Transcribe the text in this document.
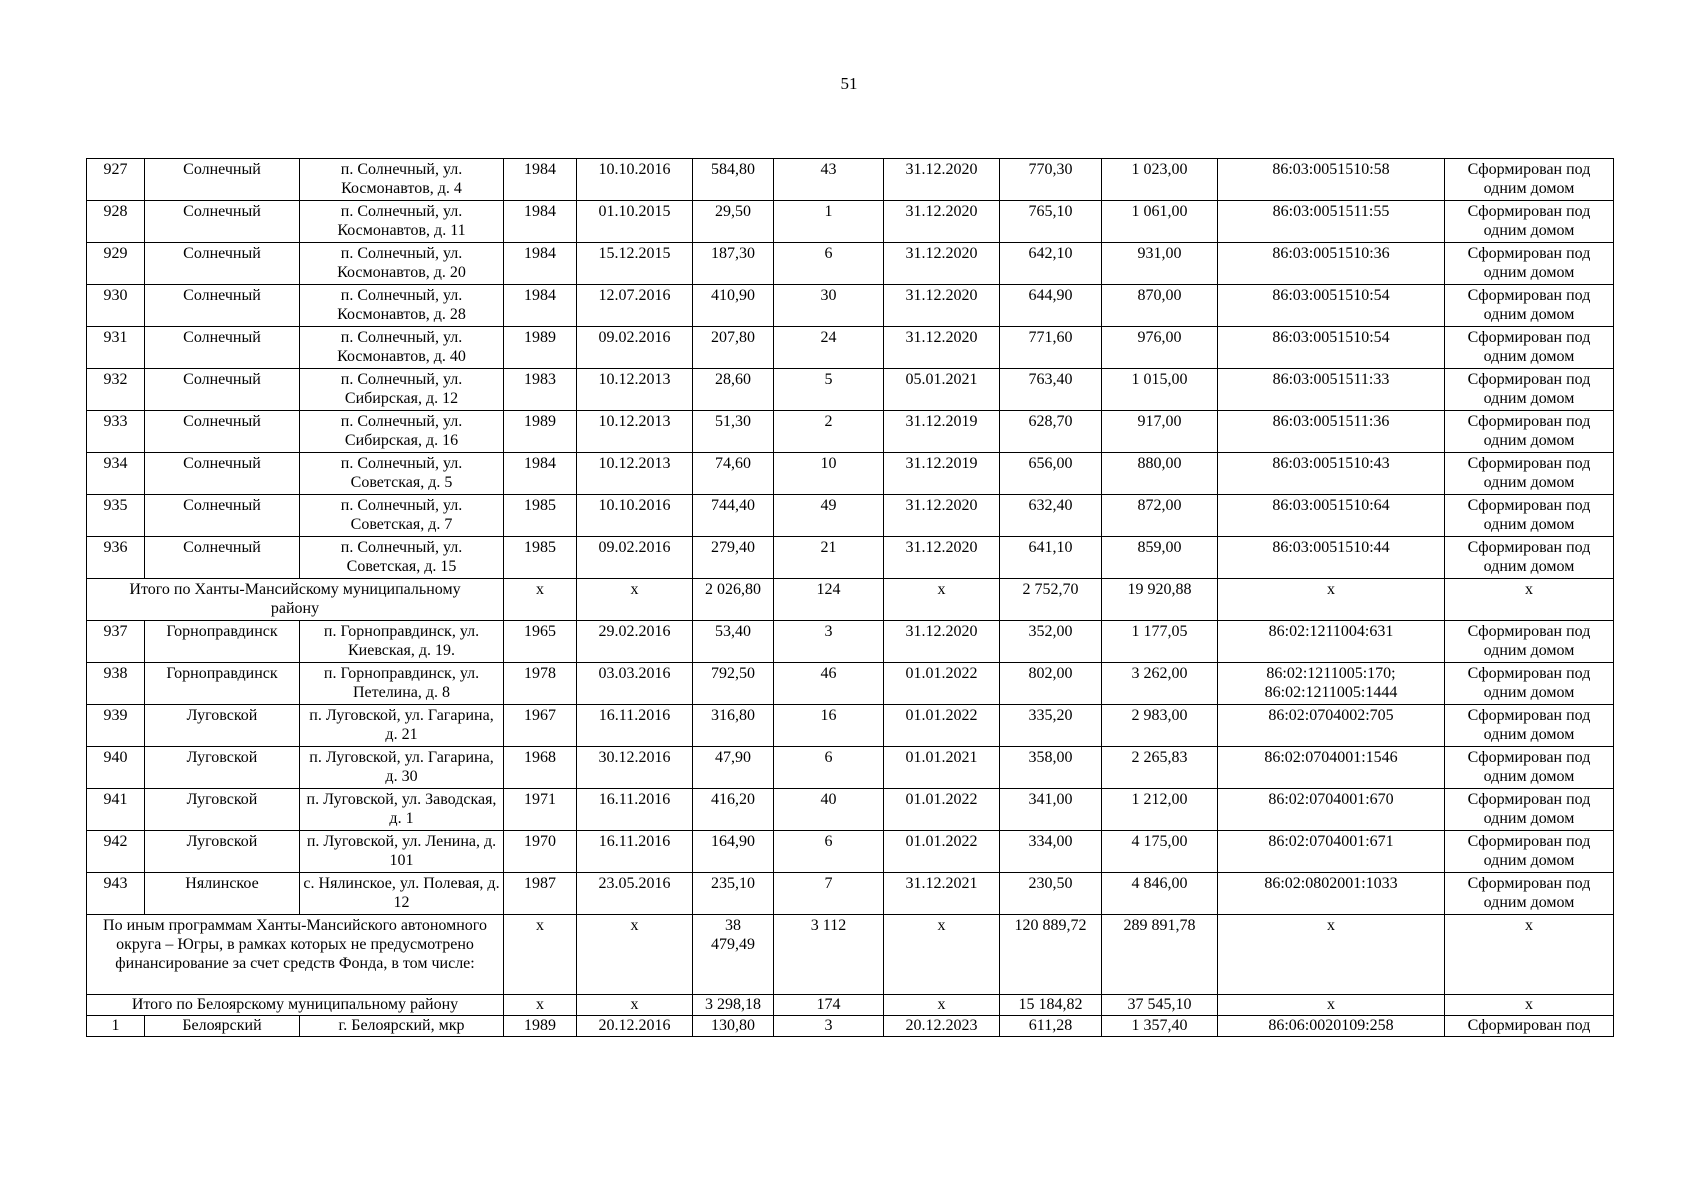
51
927	Солнечный	п. Солнечный, ул. Космонавтов, д. 4	1984	10.10.2016	584,80	43	31.12.2020	770,30	1 023,00	86:03:0051510:58	Сформирован под одним домом
928	Солнечный	п. Солнечный, ул. Космонавтов, д. 11	1984	01.10.2015	29,50	1	31.12.2020	765,10	1 061,00	86:03:0051511:55	Сформирован под одним домом
929	Солнечный	п. Солнечный, ул. Космонавтов, д. 20	1984	15.12.2015	187,30	6	31.12.2020	642,10	931,00	86:03:0051510:36	Сформирован под одним домом
930	Солнечный	п. Солнечный, ул. Космонавтов, д. 28	1984	12.07.2016	410,90	30	31.12.2020	644,90	870,00	86:03:0051510:54	Сформирован под одним домом
931	Солнечный	п. Солнечный, ул. Космонавтов, д. 40	1989	09.02.2016	207,80	24	31.12.2020	771,60	976,00	86:03:0051510:54	Сформирован под одним домом
932	Солнечный	п. Солнечный, ул. Сибирская, д. 12	1983	10.12.2013	28,60	5	05.01.2021	763,40	1 015,00	86:03:0051511:33	Сформирован под одним домом
933	Солнечный	п. Солнечный, ул. Сибирская, д. 16	1989	10.12.2013	51,30	2	31.12.2019	628,70	917,00	86:03:0051511:36	Сформирован под одним домом
934	Солнечный	п. Солнечный, ул. Советская, д. 5	1984	10.12.2013	74,60	10	31.12.2019	656,00	880,00	86:03:0051510:43	Сформирован под одним домом
935	Солнечный	п. Солнечный, ул. Советская, д. 7	1985	10.10.2016	744,40	49	31.12.2020	632,40	872,00	86:03:0051510:64	Сформирован под одним домом
936	Солнечный	п. Солнечный, ул. Советская, д. 15	1985	09.02.2016	279,40	21	31.12.2020	641,10	859,00	86:03:0051510:44	Сформирован под одним домом
Итого по Ханты-Мансийскому муниципальному району			x	x	2 026,80	124	x	2 752,70	19 920,88	x	x
937	Горноправдинск	п. Горноправдинск, ул. Киевская, д. 19.	1965	29.02.2016	53,40	3	31.12.2020	352,00	1 177,05	86:02:1211004:631	Сформирован под одним домом
938	Горноправдинск	п. Горноправдинск, ул. Петелина, д. 8	1978	03.03.2016	792,50	46	01.01.2022	802,00	3 262,00	86:02:1211005:170; 86:02:1211005:1444	Сформирован под одним домом
939	Луговской	п. Луговской, ул. Гагарина, д. 21	1967	16.11.2016	316,80	16	01.01.2022	335,20	2 983,00	86:02:0704002:705	Сформирован под одним домом
940	Луговской	п. Луговской, ул. Гагарина, д. 30	1968	30.12.2016	47,90	6	01.01.2021	358,00	2 265,83	86:02:0704001:1546	Сформирован под одним домом
941	Луговской	п. Луговской, ул. Заводская, д. 1	1971	16.11.2016	416,20	40	01.01.2022	341,00	1 212,00	86:02:0704001:670	Сформирован под одним домом
942	Луговской	п. Луговской, ул. Ленина, д. 101	1970	16.11.2016	164,90	6	01.01.2022	334,00	4 175,00	86:02:0704001:671	Сформирован под одним домом
943	Нялинское	с. Нялинское, ул. Полевая, д. 12	1987	23.05.2016	235,10	7	31.12.2021	230,50	4 846,00	86:02:0802001:1033	Сформирован под одним домом
По иным программам Ханты-Мансийского автономного округа – Югры, в рамках которых не предусмотрено финансирование за счет средств Фонда, в том числе:			x	x	38 479,49	3 112	x	120 889,72	289 891,78	x	x
Итого по Белоярскому муниципальному району			x	x	3 298,18	174	x	15 184,82	37 545,10	x	x
1	Белоярский	г. Белоярский, мкр	1989	20.12.2016	130,80	3	20.12.2023	611,28	1 357,40	86:06:0020109:258	Сформирован под
